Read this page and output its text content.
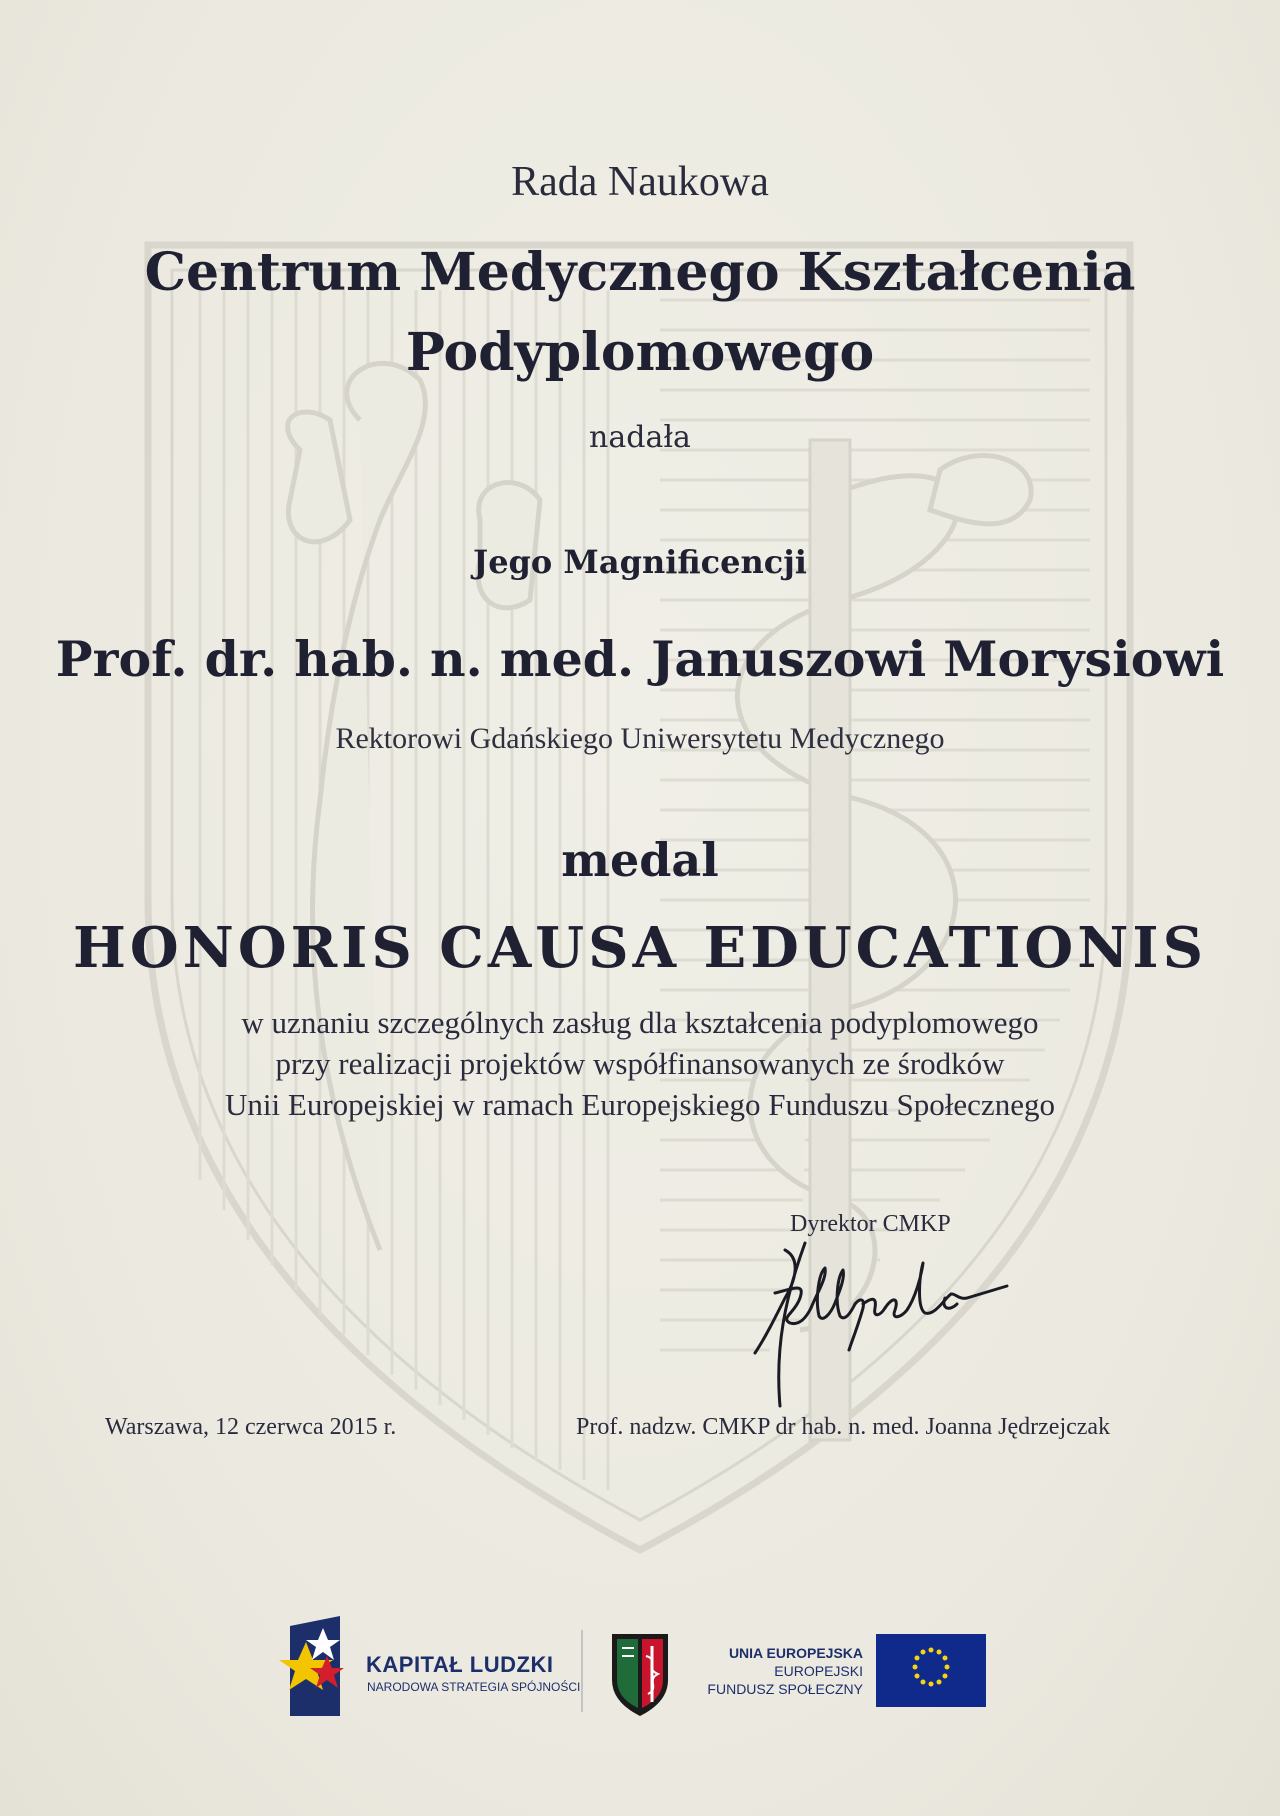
Rada Naukowa
Centrum Medycznego Kształcenia
Podyplomowego
nadała
Jego Magnificencji
Prof. dr. hab. n. med. Januszowi Morysiowi
Rektorowi Gdańskiego Uniwersytetu Medycznego
medal
HONORIS CAUSA EDUCATIONIS
w uznaniu szczególnych zasług dla kształcenia podyplomowego
przy realizacji projektów współfinansowanych ze środków
Unii Europejskiej w ramach Europejskiego Funduszu Społecznego
Dyrektor CMKP
Warszawa, 12 czerwca 2015 r.	Prof. nadzw. CMKP dr hab. n. med. Joanna Jędrzejczak
KAPITAŁ LUDZKI
NARODOWA STRATEGIA SPÓJNOŚCI
UNIA EUROPEJSKA
EUROPEJSKI
FUNDUSZ SPOŁECZNY
